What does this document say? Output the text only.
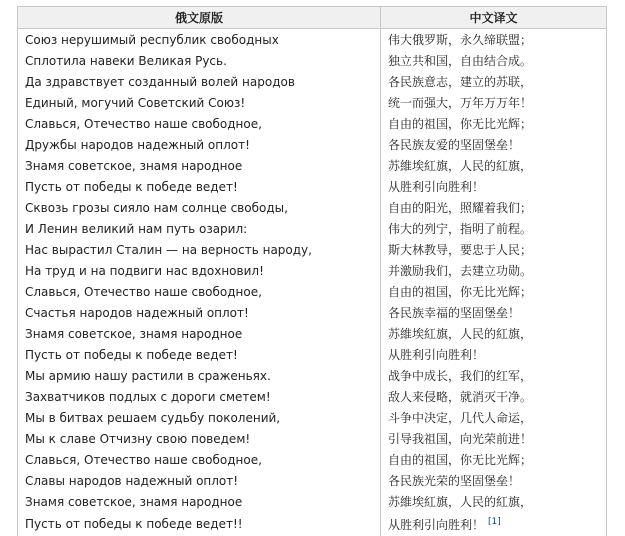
俄文原版	中文译文
Союз нерушимый республик свободных	伟大俄罗斯，永久缔联盟；
Сплотила навеки Великая Русь.	独立共和国，自由结合成。
Да здравствует созданный волей народов	各民族意志，建立的苏联，
Единый, могучий Советский Союз!	统一而强大，万年万万年！
Славься, Отечество наше свободное,	自由的祖国，你无比光辉；
Дружбы народов надежный оплот!	各民族友爱的坚固堡垒！
Знамя советское, знамя народное	苏維埃紅旗，人民的紅旗，
Пусть от победы к победе ведет!	从胜利引向胜利！
Сквозь грозы сияло нам солнце свободы,	自由的阳光，照耀着我们；
И Ленин великий нам путь озарил:	伟大的列宁，指明了前程。
Нас вырастил Сталин — на верность народу,	斯大林教导，要忠于人民；
На труд и на подвиги нас вдохновил!	并激励我们，去建立功勋。
Славься, Отечество наше свободное,	自由的祖国，你无比光辉；
Счастья народов надежный оплот!	各民族幸福的坚固堡垒！
Знамя советское, знамя народное	苏維埃紅旗，人民的紅旗，
Пусть от победы к победе ведет!	从胜利引向胜利！
Мы армию нашу растили в сраженьях.	战争中成长，我们的红军，
Захватчиков подлых с дороги сметем!	敌人来侵略，就消灭干净。
Мы в битвах решаем судьбу поколений,	斗争中决定，几代人命运，
Мы к славе Отчизну свою поведем!	引导我祖国，向光荣前进！
Славься, Отечество наше свободное,	自由的祖国，你无比光辉；
Славы народов надежный оплот!	各民族光荣的坚固堡垒！
Знамя советское, знамя народное	苏維埃紅旗，人民的紅旗，
Пусть от победы к победе ведет!!	从胜利引向胜利！ [1]
